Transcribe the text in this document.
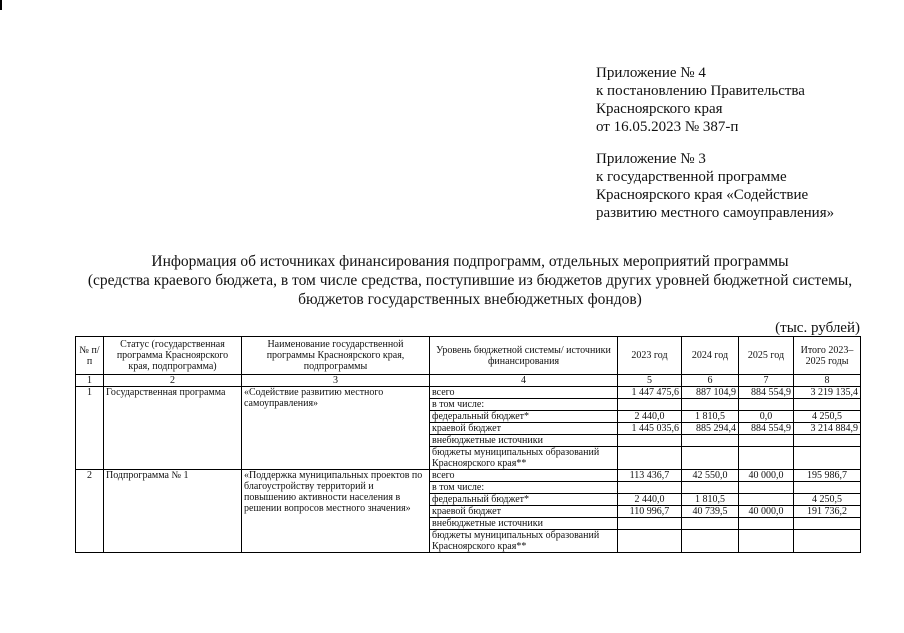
Приложение № 4
к постановлению Правительства
Красноярского края
от 16.05.2023 № 387-п
Приложение № 3
к государственной программе
Красноярского края «Содействие
развитию местного самоуправления»
Информация об источниках финансирования подпрограмм, отдельных мероприятий программы
(средства краевого бюджета, в том числе средства, поступившие из бюджетов других уровней бюджетной системы,
бюджетов государственных внебюджетных фондов)
(тыс. рублей)
№ п/п	Статус (государственная программа Красноярского края, подпрограмма)	Наименование государственной программы Красноярского края, подпрограммы	Уровень бюджетной системы/ источники финансирования	2023 год	2024 год	2025 год	Итого 2023–2025 годы
1	2	3	4	5	6	7	8
1	Государственная программа	«Содействие развитию местного самоуправления»	всего	1 447 475,6	887 104,9	884 554,9	3 219 135,4
			в том числе:				
			федеральный бюджет*	2 440,0	1 810,5	0,0	4 250,5
			краевой бюджет	1 445 035,6	885 294,4	884 554,9	3 214 884,9
			внебюджетные источники				
			бюджеты муниципальных образований Красноярского края**				
2	Подпрограмма № 1	«Поддержка муниципальных проектов по благоустройству территорий и повышению активности населения в решении вопросов местного значения»	всего	113 436,7	42 550,0	40 000,0	195 986,7
			в том числе:				
			федеральный бюджет*	2 440,0	1 810,5		4 250,5
			краевой бюджет	110 996,7	40 739,5	40 000,0	191 736,2
			внебюджетные источники				
			бюджеты муниципальных образований Красноярского края**				
